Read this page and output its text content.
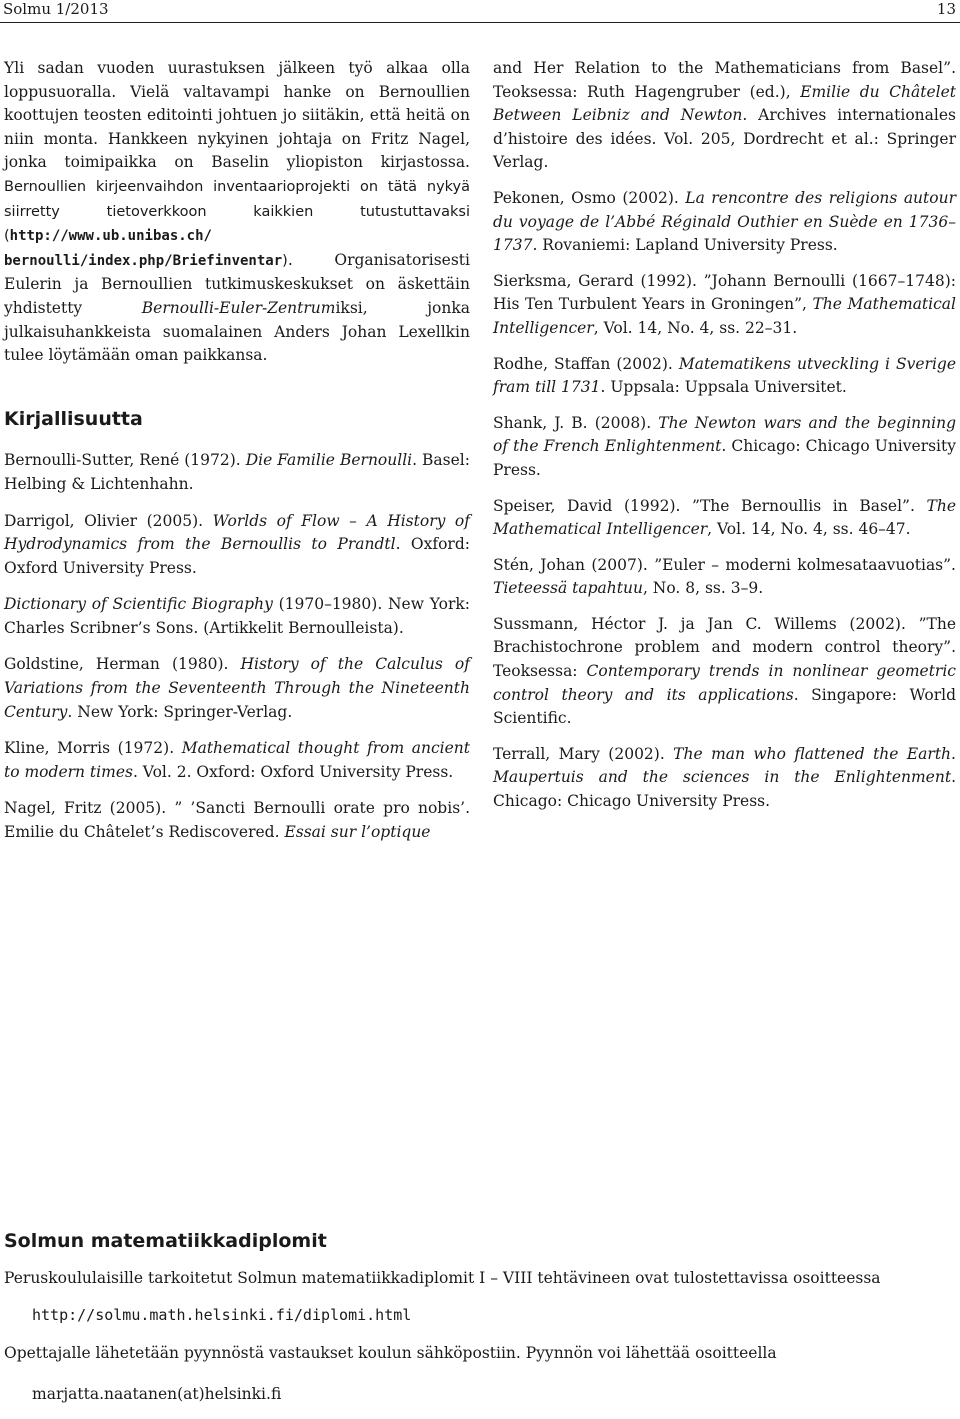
Solmu 1/2013	13

Yli sadan vuoden uurastuksen jälkeen työ alkaa olla loppusuoralla. Vielä valtavampi hanke on Bernoullien koottujen teosten editointi johtuen jo siitäkin, että heitä on niin monta. Hankkeen nykyinen johtaja on Fritz Nagel, jonka toimipaikka on Baselin yliopiston kirjastossa. Bernoullien kirjeenvaihdon inventaarioprojekti on tätä nykyä siirretty tietoverkkoon kaikkien tutustuttavaksi (http://www.ub.unibas.ch/ bernoulli/index.php/Briefinventar). Organisatorisesti Eulerin ja Bernoullien tutkimuskeskukset on äskettäin yhdistetty Bernoulli-Euler-Zentrumiksi, jonka julkaisuhankkeista suomalainen Anders Johan Lexellkin tulee löytämään oman paikkansa.

Kirjallisuutta

Bernoulli-Sutter, René (1972). Die Familie Bernoulli. Basel: Helbing & Lichtenhahn.

Darrigol, Olivier (2005). Worlds of Flow – A History of Hydrodynamics from the Bernoullis to Prandtl. Oxford: Oxford University Press.

Dictionary of Scientific Biography (1970–1980). New York: Charles Scribner’s Sons. (Artikkelit Bernoulleista).

Goldstine, Herman (1980). History of the Calculus of Variations from the Seventeenth Through the Nineteenth Century. New York: Springer-Verlag.

Kline, Morris (1972). Mathematical thought from ancient to modern times. Vol. 2. Oxford: Oxford University Press.

Nagel, Fritz (2005). ” ’Sancti Bernoulli orate pro nobis’. Emilie du Châtelet’s Rediscovered. Essai sur l’optique

and Her Relation to the Mathematicians from Basel”. Teoksessa: Ruth Hagengruber (ed.), Emilie du Châtelet Between Leibniz and Newton. Archives internationales d’histoire des idées. Vol. 205, Dordrecht et al.: Springer Verlag.

Pekonen, Osmo (2002). La rencontre des religions autour du voyage de l’Abbé Réginald Outhier en Suède en 1736–1737. Rovaniemi: Lapland University Press.

Sierksma, Gerard (1992). ”Johann Bernoulli (1667–1748): His Ten Turbulent Years in Groningen”, The Mathematical Intelligencer, Vol. 14, No. 4, ss. 22–31.

Rodhe, Staffan (2002). Matematikens utveckling i Sverige fram till 1731. Uppsala: Uppsala Universitet.

Shank, J. B. (2008). The Newton wars and the beginning of the French Enlightenment. Chicago: Chicago University Press.

Speiser, David (1992). ”The Bernoullis in Basel”. The Mathematical Intelligencer, Vol. 14, No. 4, ss. 46–47.

Stén, Johan (2007). ”Euler – moderni kolmesataavuotias”. Tieteessä tapahtuu, No. 8, ss. 3–9.

Sussmann, Héctor J. ja Jan C. Willems (2002). ”The Brachistochrone problem and modern control theory”. Teoksessa: Contemporary trends in nonlinear geometric control theory and its applications. Singapore: World Scientific.

Terrall, Mary (2002). The man who flattened the Earth. Maupertuis and the sciences in the Enlightenment. Chicago: Chicago University Press.

Solmun matematiikkadiplomit
Peruskoululaisille tarkoitetut Solmun matematiikkadiplomit I – VIII tehtävineen ovat tulostettavissa osoitteessa
http://solmu.math.helsinki.fi/diplomi.html
Opettajalle lähetetään pyynnöstä vastaukset koulun sähköpostiin. Pyynnön voi lähettää osoitteella
marjatta.naatanen(at)helsinki.fi
